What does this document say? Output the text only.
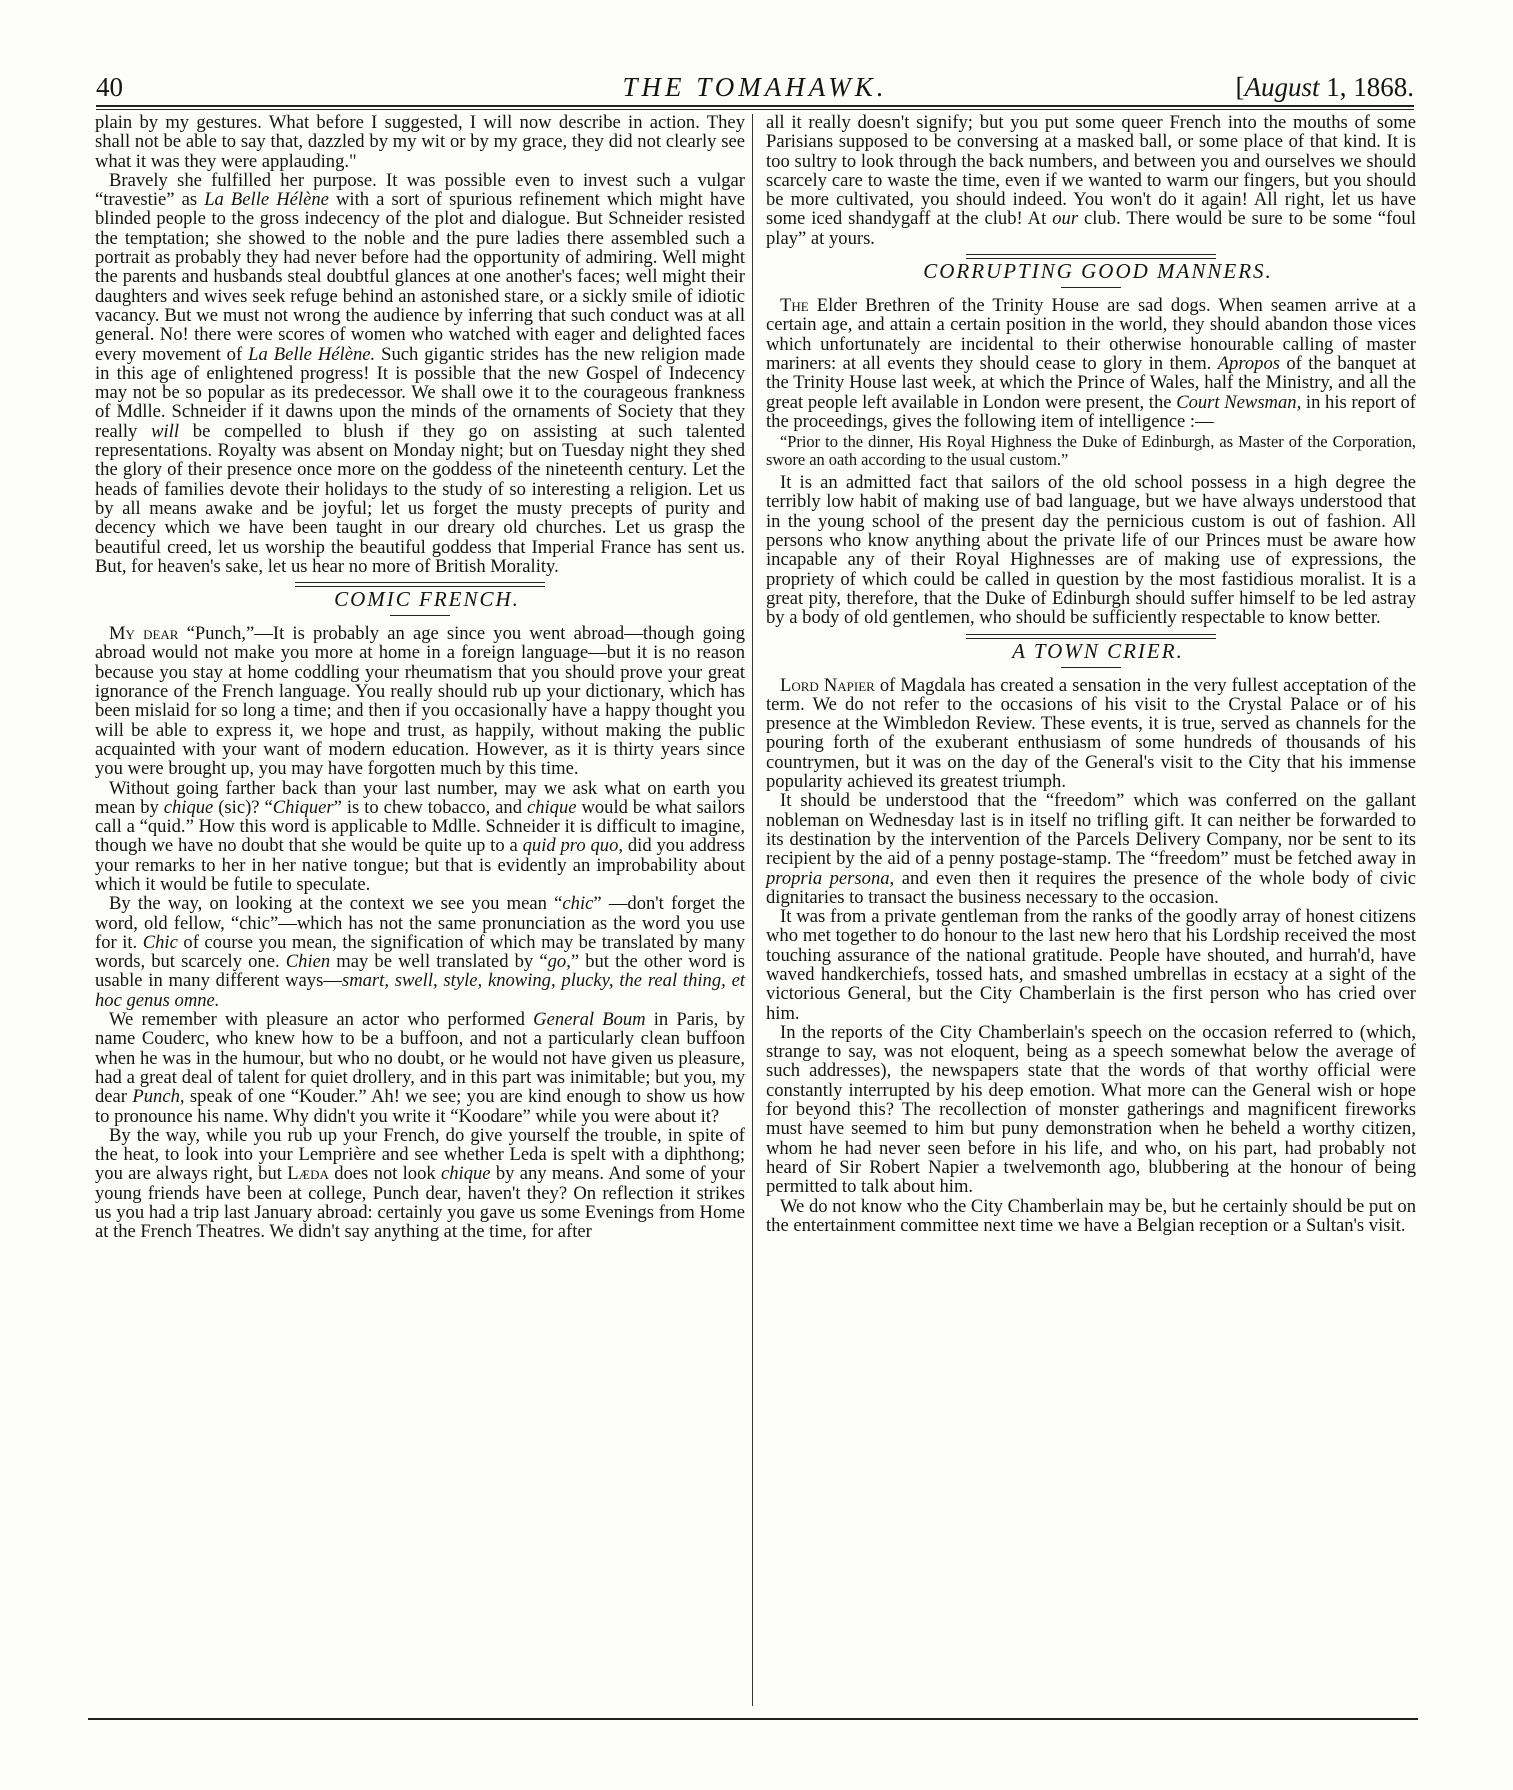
40	THE TOMAHAWK.	[August 1, 1868.

plain by my gestures. What before I suggested, I will now describe in action. They shall not be able to say that, dazzled by my wit or by my grace, they did not clearly see what it was they were applauding."

Bravely she fulfilled her purpose. It was possible even to invest such a vulgar “travestie” as La Belle Hélène with a sort of spurious refinement which might have blinded people to the gross indecency of the plot and dialogue. But Schneider resisted the temptation; she showed to the noble and the pure ladies there assembled such a portrait as probably they had never before had the opportunity of admiring. Well might the parents and husbands steal doubtful glances at one another's faces; well might their daughters and wives seek refuge behind an astonished stare, or a sickly smile of idiotic vacancy. But we must not wrong the audience by inferring that such conduct was at all general. No! there were scores of women who watched with eager and delighted faces every movement of La Belle Hélène. Such gigantic strides has the new religion made in this age of enlightened progress! It is possible that the new Gospel of Indecency may not be so popular as its predecessor. We shall owe it to the courageous frankness of Mdlle. Schneider if it dawns upon the minds of the ornaments of Society that they really will be compelled to blush if they go on assisting at such talented representations. Royalty was absent on Monday night; but on Tuesday night they shed the glory of their presence once more on the goddess of the nineteenth century. Let the heads of families devote their holidays to the study of so interesting a religion. Let us by all means awake and be joyful; let us forget the musty precepts of purity and decency which we have been taught in our dreary old churches. Let us grasp the beautiful creed, let us worship the beautiful goddess that Imperial France has sent us. But, for heaven's sake, let us hear no more of British Morality.

COMIC FRENCH.

My dear “Punch,”—It is probably an age since you went abroad—though going abroad would not make you more at home in a foreign language—but it is no reason because you stay at home coddling your rheumatism that you should prove your great ignorance of the French language. You really should rub up your dictionary, which has been mislaid for so long a time; and then if you occasionally have a happy thought you will be able to express it, we hope and trust, as happily, without making the public acquainted with your want of modern education. However, as it is thirty years since you were brought up, you may have forgotten much by this time.

Without going farther back than your last number, may we ask what on earth you mean by chique (sic)? “Chiquer” is to chew tobacco, and chique would be what sailors call a “quid.” How this word is applicable to Mdlle. Schneider it is difficult to imagine, though we have no doubt that she would be quite up to a quid pro quo, did you address your remarks to her in her native tongue; but that is evidently an improbability about which it would be futile to speculate.

By the way, on looking at the context we see you mean “chic” —don't forget the word, old fellow, “chic”—which has not the same pronunciation as the word you use for it. Chic of course you mean, the signification of which may be translated by many words, but scarcely one. Chien may be well translated by “go,” but the other word is usable in many different ways—smart, swell, style, knowing, plucky, the real thing, et hoc genus omne.

We remember with pleasure an actor who performed General Boum in Paris, by name Couderc, who knew how to be a buffoon, and not a particularly clean buffoon when he was in the humour, but who no doubt, or he would not have given us pleasure, had a great deal of talent for quiet drollery, and in this part was inimitable; but you, my dear Punch, speak of one “Kouder.” Ah! we see; you are kind enough to show us how to pronounce his name. Why didn't you write it “Koodare” while you were about it?

By the way, while you rub up your French, do give yourself the trouble, in spite of the heat, to look into your Lemprière and see whether Leda is spelt with a diphthong; you are always right, but Læda does not look chique by any means. And some of your young friends have been at college, Punch dear, haven't they? On reflection it strikes us you had a trip last January abroad: certainly you gave us some Evenings from Home at the French Theatres. We didn't say anything at the time, for after

all it really doesn't signify; but you put some queer French into the mouths of some Parisians supposed to be conversing at a masked ball, or some place of that kind. It is too sultry to look through the back numbers, and between you and ourselves we should scarcely care to waste the time, even if we wanted to warm our fingers, but you should be more cultivated, you should indeed. You won't do it again! All right, let us have some iced shandygaff at the club! At our club. There would be sure to be some “foul play” at yours.

CORRUPTING GOOD MANNERS.

The Elder Brethren of the Trinity House are sad dogs. When seamen arrive at a certain age, and attain a certain position in the world, they should abandon those vices which unfortunately are incidental to their otherwise honourable calling of master mariners: at all events they should cease to glory in them. Apropos of the banquet at the Trinity House last week, at which the Prince of Wales, half the Ministry, and all the great people left available in London were present, the Court Newsman, in his report of the proceedings, gives the following item of intelligence :—

“Prior to the dinner, His Royal Highness the Duke of Edinburgh, as Master of the Corporation, swore an oath according to the usual custom.”

It is an admitted fact that sailors of the old school possess in a high degree the terribly low habit of making use of bad language, but we have always understood that in the young school of the present day the pernicious custom is out of fashion. All persons who know anything about the private life of our Princes must be aware how incapable any of their Royal Highnesses are of making use of expressions, the propriety of which could be called in question by the most fastidious moralist. It is a great pity, therefore, that the Duke of Edinburgh should suffer himself to be led astray by a body of old gentlemen, who should be sufficiently respectable to know better.

A TOWN CRIER.

Lord Napier of Magdala has created a sensation in the very fullest acceptation of the term. We do not refer to the occasions of his visit to the Crystal Palace or of his presence at the Wimbledon Review. These events, it is true, served as channels for the pouring forth of the exuberant enthusiasm of some hundreds of thousands of his countrymen, but it was on the day of the General's visit to the City that his immense popularity achieved its greatest triumph.

It should be understood that the “freedom” which was conferred on the gallant nobleman on Wednesday last is in itself no trifling gift. It can neither be forwarded to its destination by the intervention of the Parcels Delivery Company, nor be sent to its recipient by the aid of a penny postage-stamp. The “freedom” must be fetched away in propria persona, and even then it requires the presence of the whole body of civic dignitaries to transact the business necessary to the occasion.

It was from a private gentleman from the ranks of the goodly array of honest citizens who met together to do honour to the last new hero that his Lordship received the most touching assurance of the national gratitude. People have shouted, and hurrah'd, have waved handkerchiefs, tossed hats, and smashed umbrellas in ecstacy at a sight of the victorious General, but the City Chamberlain is the first person who has cried over him.

In the reports of the City Chamberlain's speech on the occasion referred to (which, strange to say, was not eloquent, being as a speech somewhat below the average of such addresses), the newspapers state that the words of that worthy official were constantly interrupted by his deep emotion. What more can the General wish or hope for beyond this? The recollection of monster gatherings and magnificent fireworks must have seemed to him but puny demonstration when he beheld a worthy citizen, whom he had never seen before in his life, and who, on his part, had probably not heard of Sir Robert Napier a twelvemonth ago, blubbering at the honour of being permitted to talk about him.

We do not know who the City Chamberlain may be, but he certainly should be put on the entertainment committee next time we have a Belgian reception or a Sultan's visit.
